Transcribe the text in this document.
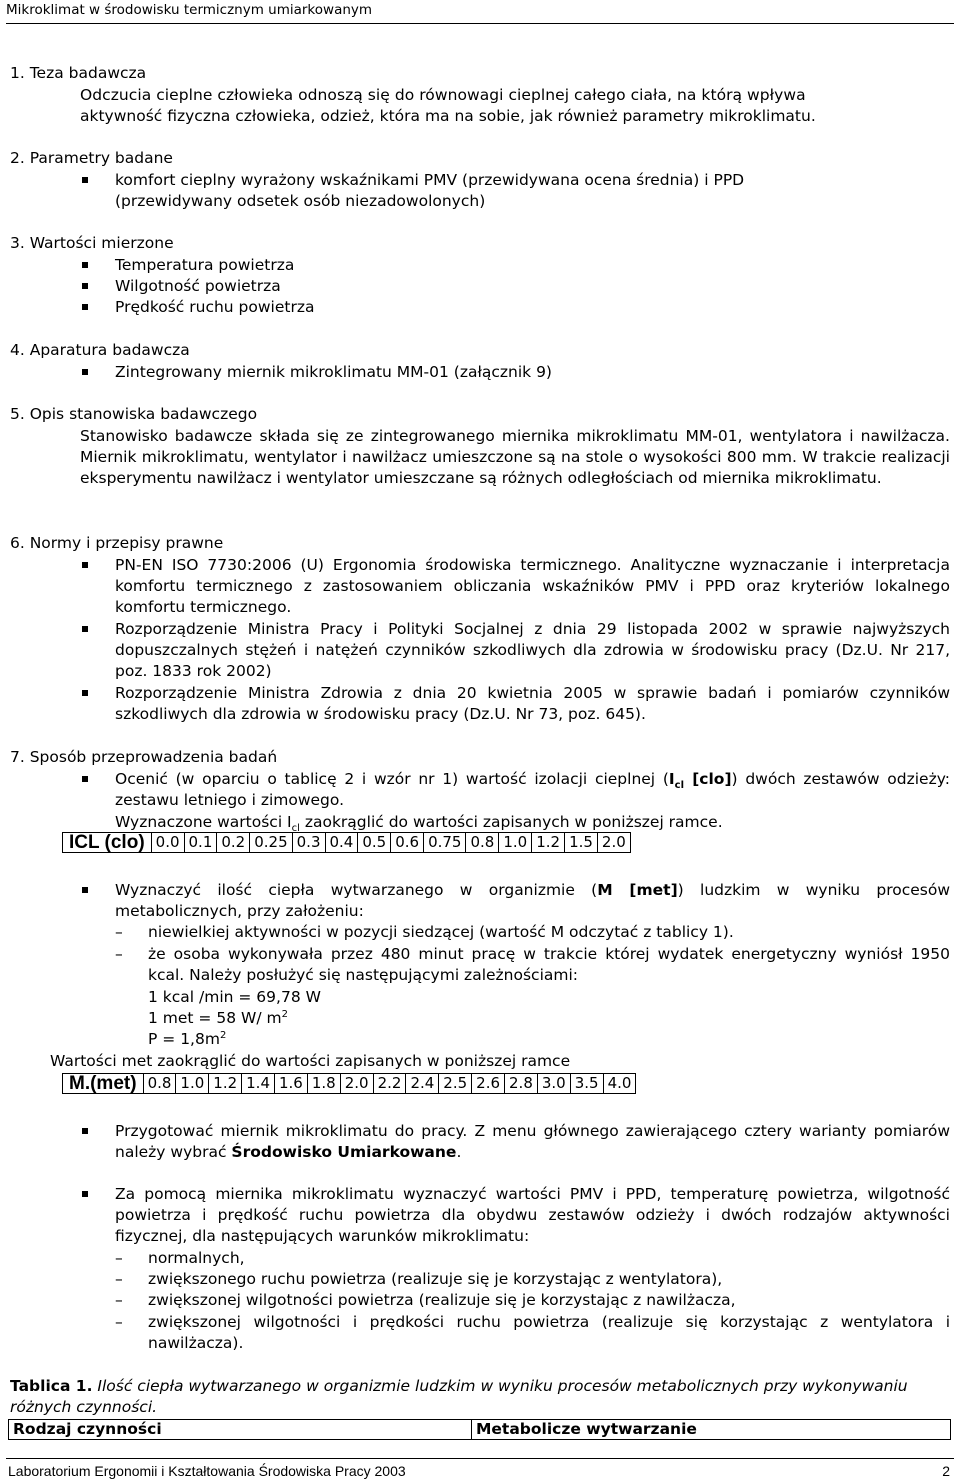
Mikroklimat w środowisku termicznym umiarkowanym
1. Teza badawcza
Odczucia cieplne człowieka odnoszą się do równowagi cieplnej całego ciała, na którą wpływa
aktywność fizyczna człowieka, odzież, która ma na sobie, jak również parametry mikroklimatu.
2. Parametry badane
komfort cieplny wyrażony wskaźnikami PMV (przewidywana ocena średnia) i PPD
(przewidywany odsetek osób niezadowolonych)
3. Wartości mierzone
Temperatura powietrza
Wilgotność powietrza
Prędkość ruchu powietrza
4. Aparatura badawcza
Zintegrowany miernik mikroklimatu MM-01 (załącznik 9)
5. Opis stanowiska badawczego
Stanowisko badawcze składa się ze zintegrowanego miernika mikroklimatu MM-01, wentylatora i nawilżacza. Miernik mikroklimatu, wentylator i nawilżacz umieszczone są na stole o wysokości 800 mm. W trakcie realizacji eksperymentu nawilżacz i wentylator umieszczane są różnych odległościach od miernika mikroklimatu.
6. Normy i przepisy prawne
PN-EN ISO 7730:2006 (U) Ergonomia środowiska termicznego. Analityczne wyznaczanie i interpretacja komfortu termicznego z zastosowaniem obliczania wskaźników PMV i PPD oraz kryteriów lokalnego komfortu termicznego.
Rozporządzenie Ministra Pracy i Polityki Socjalnej z dnia 29 listopada 2002 w sprawie najwyższych dopuszczalnych stężeń i natężeń czynników szkodliwych dla zdrowia w środowisku pracy (Dz.U. Nr 217, poz. 1833 rok 2002)
Rozporządzenie Ministra Zdrowia z dnia 20 kwietnia 2005 w sprawie badań i pomiarów czynników szkodliwych dla zdrowia w środowisku pracy (Dz.U. Nr 73, poz. 645).
7. Sposób przeprowadzenia badań
Ocenić (w oparciu o tablicę 2 i wzór nr 1) wartość izolacji cieplnej ($I_{cl}$ [clo]) dwóch zestawów odzieży: zestawu letniego i zimowego.
Wyznaczone wartości $I_{cl}$ zaokrąglić do wartości zapisanych w poniższej ramce.
ICL (clo)	0.0	0.1	0.2	0.25	0.3	0.4	0.5	0.6	0.75	0.8	1.0	1.2	1.5	2.0
Wyznaczyć ilość ciepła wytwarzanego w organizmie (M [met]) ludzkim w wyniku procesów metabolicznych, przy założeniu:
– niewielkiej aktywności w pozycji siedzącej (wartość M odczytać z tablicy 1).
– że osoba wykonywała przez 480 minut pracę w trakcie której wydatek energetyczny wyniósł 1950 kcal. Należy posłużyć się następującymi zależnościami:
1 kcal /min = 69,78 W
1 met = 58 W/ $m^2$
$P = 1,8m^2$
Wartości met zaokrąglić do wartości zapisanych w poniższej ramce
M.(met)	0.8	1.0	1.2	1.4	1.6	1.8	2.0	2.2	2.4	2.5	2.6	2.8	3.0	3.5	4.0
Przygotować miernik mikroklimatu do pracy. Z menu głównego zawierającego cztery warianty pomiarów należy wybrać Środowisko Umiarkowane.
Za pomocą miernika mikroklimatu wyznaczyć wartości PMV i PPD, temperaturę powietrza, wilgotność powietrza i prędkość ruchu powietrza dla obydwu zestawów odzieży i dwóch rodzajów aktywności fizycznej, dla następujących warunków mikroklimatu:
– normalnych,
– zwiększonego ruchu powietrza (realizuje się je korzystając z wentylatora),
– zwiększonej wilgotności powietrza (realizuje się je korzystając z nawilżacza,
– zwiększonej wilgotności i prędkości ruchu powietrza (realizuje się korzystając z wentylatora i nawilżacza).
Tablica 1. Ilość ciepła wytwarzanego w organizmie ludzkim w wyniku procesów metabolicznych przy wykonywaniu różnych czynności.
Rodzaj czynności	Metabolicze wytwarzanie
Laboratorium Ergonomii i Kształtowania Środowiska Pracy 2003	2
